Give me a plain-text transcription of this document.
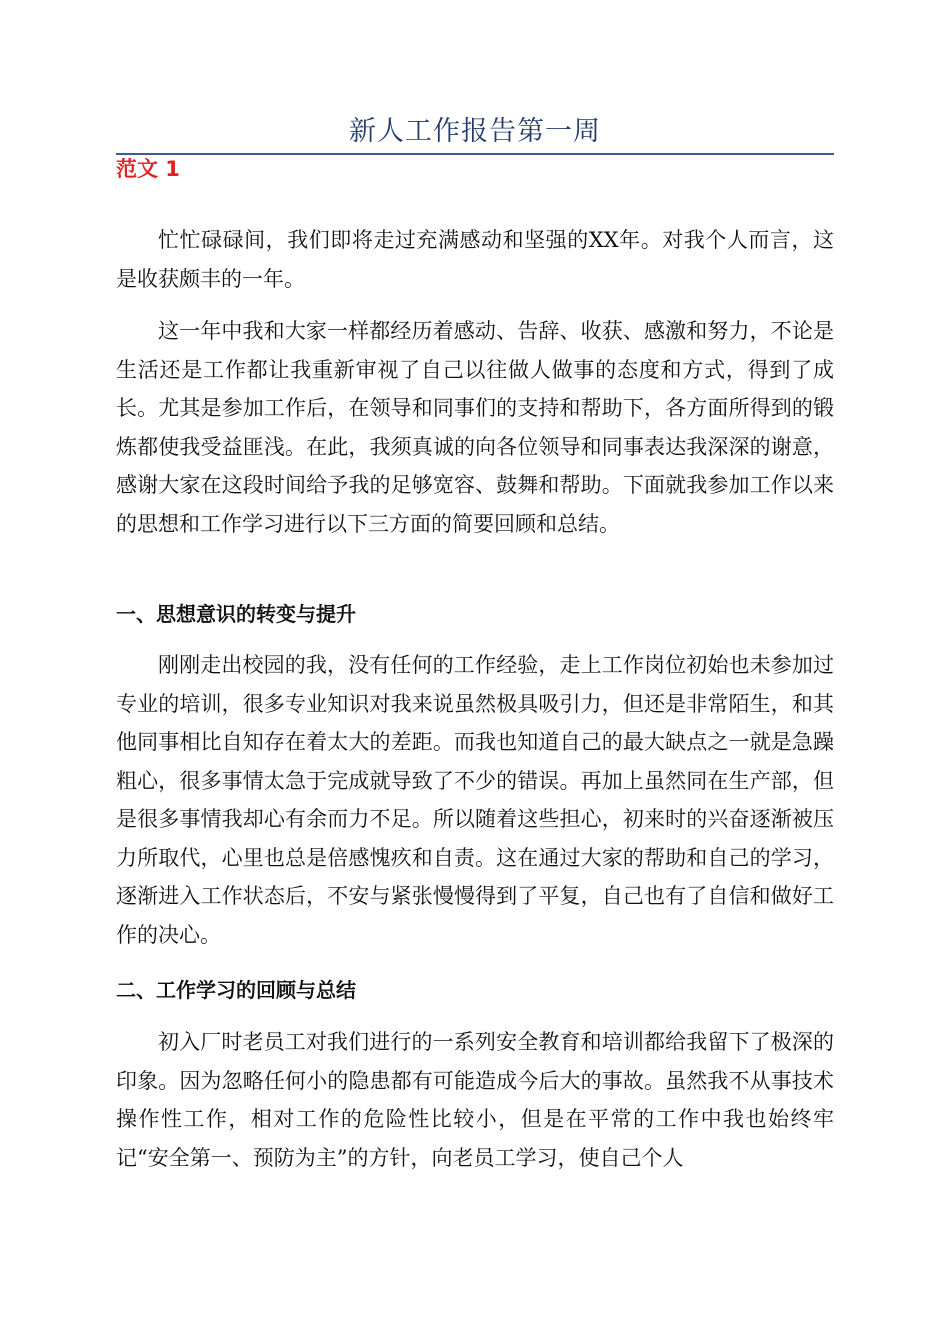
新人工作报告第一周
范文 1

忙忙碌碌间，我们即将走过充满感动和坚强的XX年。对我个人而言，这是收获颇丰的一年。

这一年中我和大家一样都经历着感动、告辞、收获、感激和努力，不论是生活还是工作都让我重新审视了自己以往做人做事的态度和方式，得到了成长。尤其是参加工作后，在领导和同事们的支持和帮助下，各方面所得到的锻炼都使我受益匪浅。在此，我须真诚的向各位领导和同事表达我深深的谢意，感谢大家在这段时间给予我的足够宽容、鼓舞和帮助。下面就我参加工作以来的思想和工作学习进行以下三方面的简要回顾和总结。

一、思想意识的转变与提升

刚刚走出校园的我，没有任何的工作经验，走上工作岗位初始也未参加过专业的培训，很多专业知识对我来说虽然极具吸引力，但还是非常陌生，和其他同事相比自知存在着太大的差距。而我也知道自己的最大缺点之一就是急躁粗心，很多事情太急于完成就导致了不少的错误。再加上虽然同在生产部，但是很多事情我却心有余而力不足。所以随着这些担心，初来时的兴奋逐渐被压力所取代，心里也总是倍感愧疚和自责。这在通过大家的帮助和自己的学习，逐渐进入工作状态后，不安与紧张慢慢得到了平复，自己也有了自信和做好工作的决心。

二、工作学习的回顾与总结

初入厂时老员工对我们进行的一系列安全教育和培训都给我留下了极深的印象。因为忽略任何小的隐患都有可能造成今后大的事故。虽然我不从事技术操作性工作，相对工作的危险性比较小，但是在平常的工作中我也始终牢记“安全第一、预防为主”的方针，向老员工学习，使自己个人
